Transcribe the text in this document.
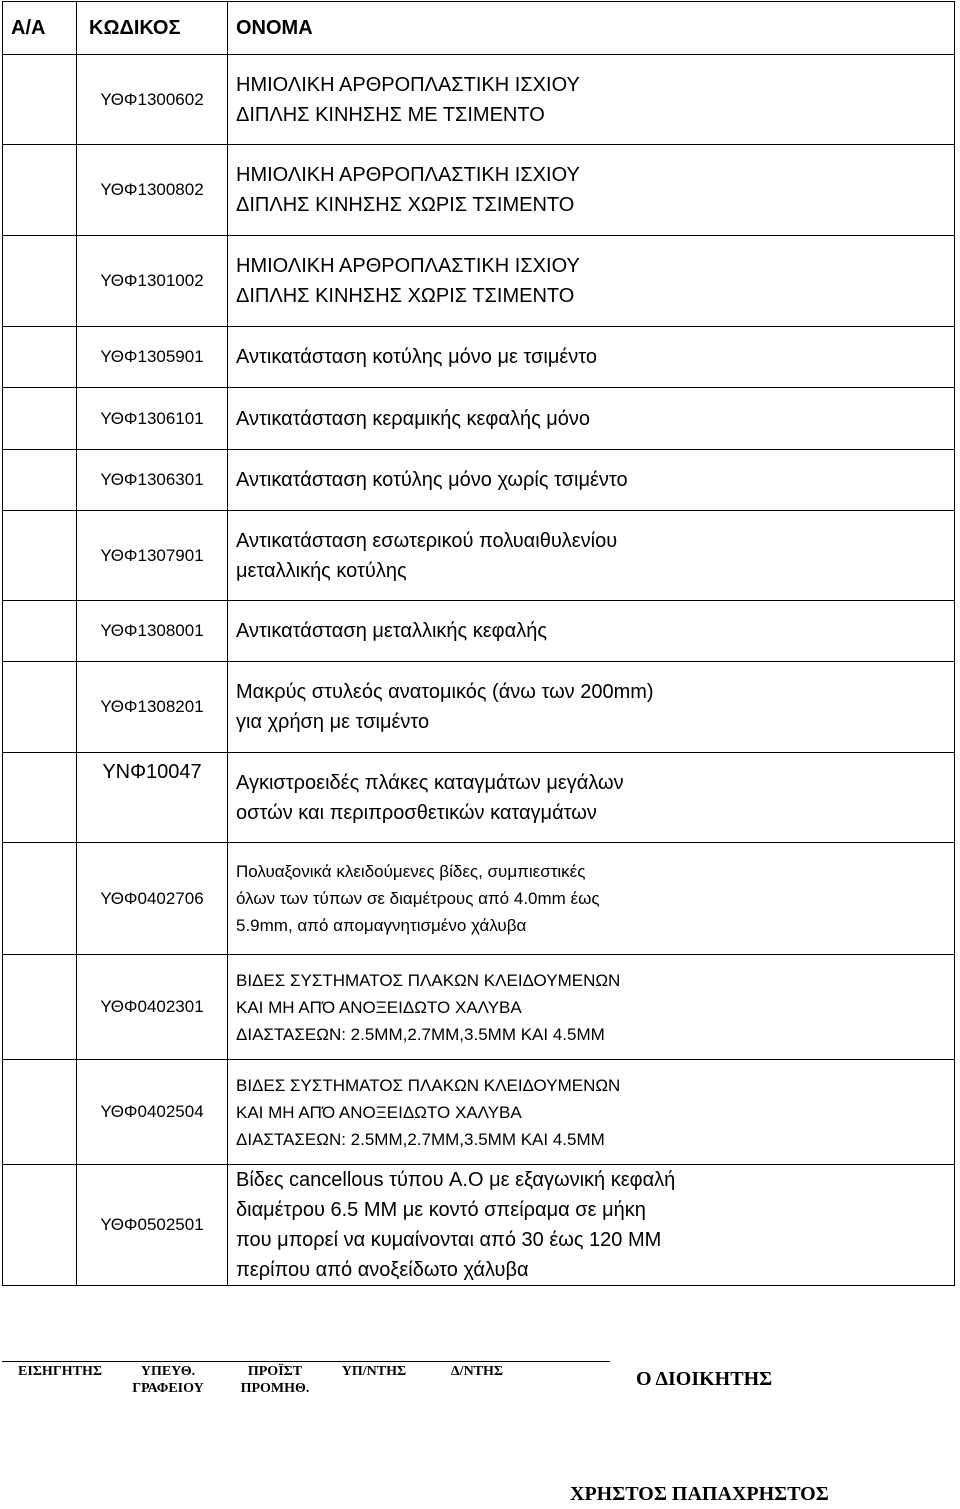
Α/Α	ΚΩΔΙΚΟΣ	ΟΝΟΜΑ
	ΥΘΦ1300602	ΗΜΙΟΛΙΚΗ ΑΡΘΡΟΠΛΑΣΤΙΚΗ ΙΣΧΙΟΥ
ΔΙΠΛΗΣ ΚΙΝΗΣΗΣ ΜΕ ΤΣΙΜΕΝΤΟ
	ΥΘΦ1300802	ΗΜΙΟΛΙΚΗ ΑΡΘΡΟΠΛΑΣΤΙΚΗ ΙΣΧΙΟΥ
ΔΙΠΛΗΣ ΚΙΝΗΣΗΣ ΧΩΡΙΣ ΤΣΙΜΕΝΤΟ
	ΥΘΦ1301002	ΗΜΙΟΛΙΚΗ ΑΡΘΡΟΠΛΑΣΤΙΚΗ ΙΣΧΙΟΥ
ΔΙΠΛΗΣ ΚΙΝΗΣΗΣ ΧΩΡΙΣ ΤΣΙΜΕΝΤΟ
	ΥΘΦ1305901	Αντικατάσταση κοτύλης μόνο με τσιμέντο
	ΥΘΦ1306101	Αντικατάσταση κεραμικής κεφαλής μόνο
	ΥΘΦ1306301	Αντικατάσταση κοτύλης μόνο χωρίς τσιμέντο
	ΥΘΦ1307901	Αντικατάσταση εσωτερικού πολυαιθυλενίου
μεταλλικής κοτύλης
	ΥΘΦ1308001	Αντικατάσταση μεταλλικής κεφαλής
	ΥΘΦ1308201	Μακρύς στυλεός ανατομικός (άνω των 200mm)
για χρήση με τσιμέντο
	ΥΝΦ10047	Αγκιστροειδές πλάκες καταγμάτων μεγάλων
οστών και περιπροσθετικών καταγμάτων
	ΥΘΦ0402706	Πολυαξονικά κλειδούμενες βίδες, συμπιεστικές
όλων των τύπων σε διαμέτρους από 4.0mm έως
5.9mm, από απομαγνητισμένο χάλυβα
	ΥΘΦ0402301	ΒΙΔΕΣ ΣΥΣΤΗΜΑΤΟΣ ΠΛΑΚΩΝ ΚΛΕΙΔΟΥΜΕΝΩΝ
ΚΑΙ ΜΗ ΑΠΌ ΑΝΟΞΕΙΔΩΤΟ ΧΑΛΥΒΑ
ΔΙΑΣΤΑΣΕΩΝ: 2.5ΜΜ,2.7ΜΜ,3.5ΜΜ ΚΑΙ 4.5ΜΜ
	ΥΘΦ0402504	ΒΙΔΕΣ ΣΥΣΤΗΜΑΤΟΣ ΠΛΑΚΩΝ ΚΛΕΙΔΟΥΜΕΝΩΝ
ΚΑΙ ΜΗ ΑΠΌ ΑΝΟΞΕΙΔΩΤΟ ΧΑΛΥΒΑ
ΔΙΑΣΤΑΣΕΩΝ: 2.5ΜΜ,2.7ΜΜ,3.5ΜΜ ΚΑΙ 4.5ΜΜ
	ΥΘΦ0502501	Βίδες cancellous τύπου A.O με εξαγωνική κεφαλή
διαμέτρου 6.5 ΜΜ με κοντό σπείραμα σε μήκη
που μπορεί να κυμαίνονται από 30 έως 120 ΜΜ
περίπου από ανοξείδωτο χάλυβα
ΕΙΣΗΓΗΤΗΣ	ΥΠΕΥΘ.
ΓΡΑΦΕΙΟΥ
ΠΡΟΪΣΤ
ΠΡΟΜΗΘ.
ΥΠ/ΝΤΗΣ	Δ/ΝΤΗΣ	Ο ΔΙΟΙΚΗΤΗΣ
ΧΡΗΣΤΟΣ ΠΑΠΑΧΡΗΣΤΟΣ
